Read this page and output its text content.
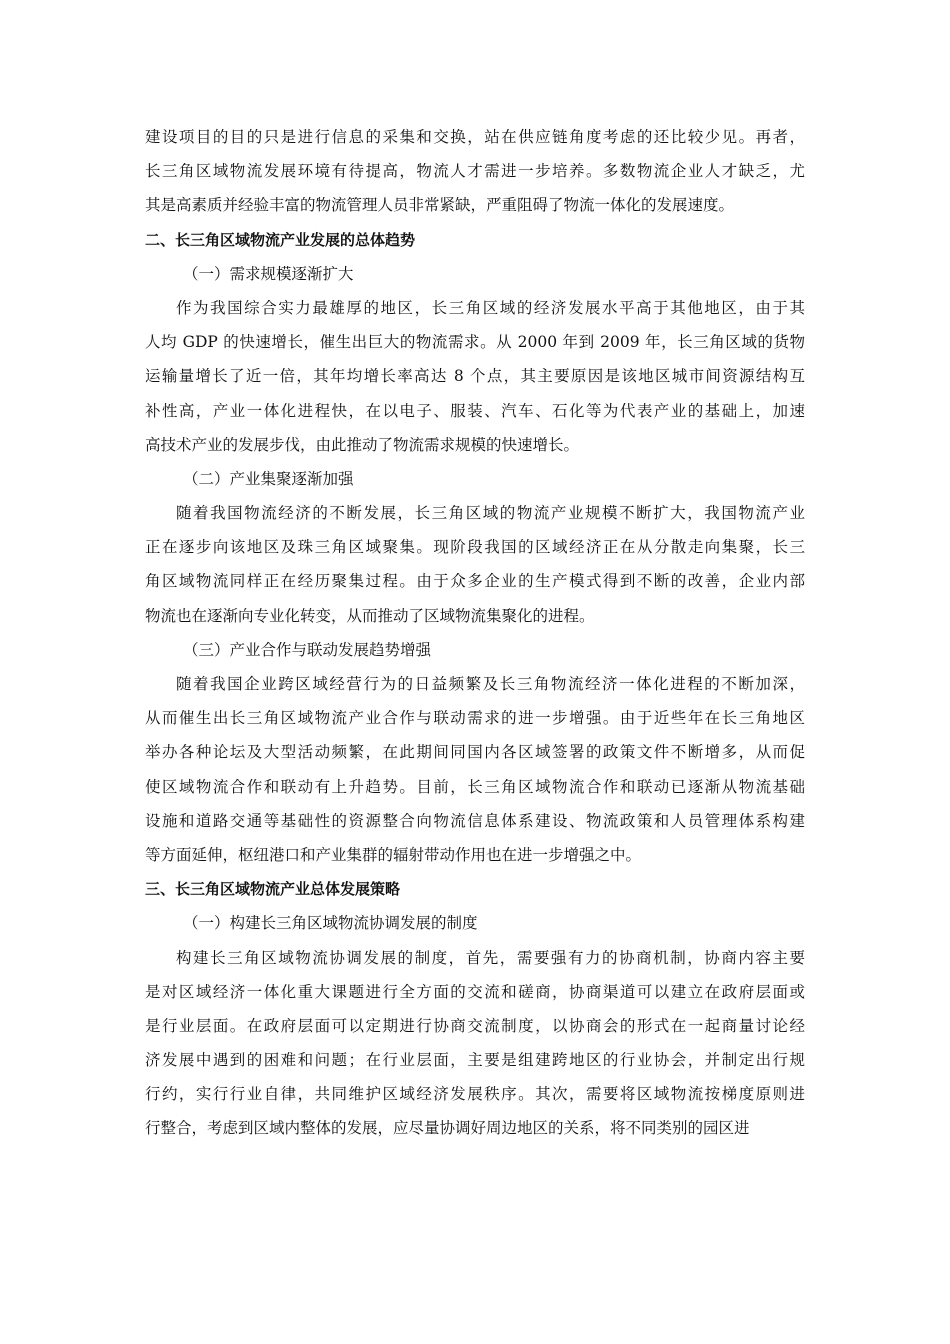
建设项目的目的只是进行信息的采集和交换，站在供应链角度考虑的还比较少见。再者，
长三角区域物流发展环境有待提高，物流人才需进一步培养。多数物流企业人才缺乏，尤
其是高素质并经验丰富的物流管理人员非常紧缺，严重阻碍了物流一体化的发展速度。
二、长三角区域物流产业发展的总体趋势
（一）需求规模逐渐扩大
作为我国综合实力最雄厚的地区，长三角区域的经济发展水平高于其他地区，由于其
人均 GDP 的快速增长，催生出巨大的物流需求。从 2000 年到 2009 年，长三角区域的货物
运输量增长了近一倍，其年均增长率高达 8 个点，其主要原因是该地区城市间资源结构互
补性高，产业一体化进程快，在以电子、服装、汽车、石化等为代表产业的基础上，加速
高技术产业的发展步伐，由此推动了物流需求规模的快速增长。
（二）产业集聚逐渐加强
随着我国物流经济的不断发展，长三角区域的物流产业规模不断扩大，我国物流产业
正在逐步向该地区及珠三角区域聚集。现阶段我国的区域经济正在从分散走向集聚，长三
角区域物流同样正在经历聚集过程。由于众多企业的生产模式得到不断的改善，企业内部
物流也在逐渐向专业化转变，从而推动了区域物流集聚化的进程。
（三）产业合作与联动发展趋势增强
随着我国企业跨区域经营行为的日益频繁及长三角物流经济一体化进程的不断加深，
从而催生出长三角区域物流产业合作与联动需求的进一步增强。由于近些年在长三角地区
举办各种论坛及大型活动频繁，在此期间同国内各区域签署的政策文件不断增多，从而促
使区域物流合作和联动有上升趋势。目前，长三角区域物流合作和联动已逐渐从物流基础
设施和道路交通等基础性的资源整合向物流信息体系建设、物流政策和人员管理体系构建
等方面延伸，枢纽港口和产业集群的辐射带动作用也在进一步增强之中。
三、长三角区域物流产业总体发展策略
（一）构建长三角区域物流协调发展的制度
构建长三角区域物流协调发展的制度，首先，需要强有力的协商机制，协商内容主要
是对区域经济一体化重大课题进行全方面的交流和磋商，协商渠道可以建立在政府层面或
是行业层面。在政府层面可以定期进行协商交流制度，以协商会的形式在一起商量讨论经
济发展中遇到的困难和问题；在行业层面，主要是组建跨地区的行业协会，并制定出行规
行约，实行行业自律，共同维护区域经济发展秩序。其次，需要将区域物流按梯度原则进
行整合，考虑到区域内整体的发展，应尽量协调好周边地区的关系，将不同类别的园区进
